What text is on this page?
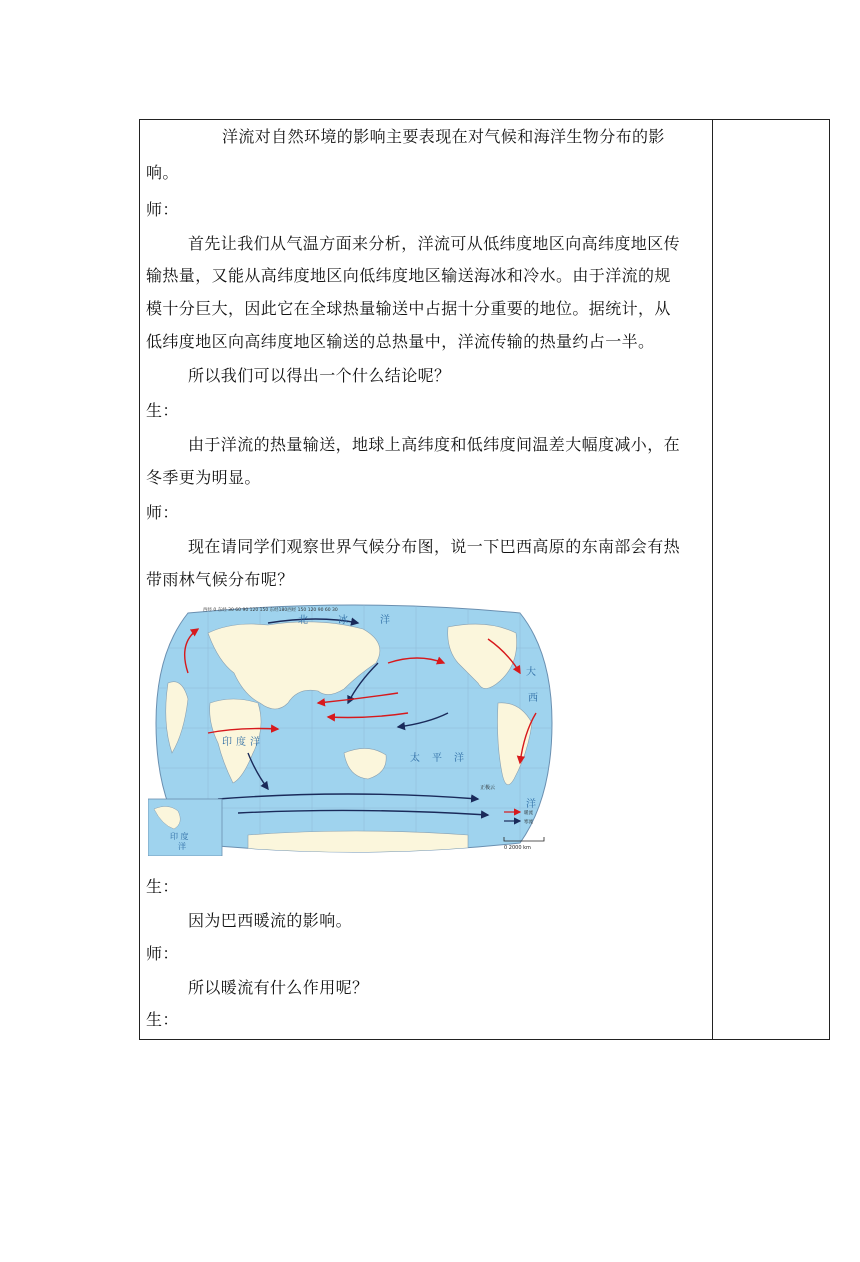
洋流对自然环境的影响主要表现在对气候和海洋生物分布的影
响。
师：
首先让我们从气温方面来分析，洋流可从低纬度地区向高纬度地区传
输热量，又能从高纬度地区向低纬度地区输送海冰和冷水。由于洋流的规
模十分巨大，因此它在全球热量输送中占据十分重要的地位。据统计，从
低纬度地区向高纬度地区输送的总热量中，洋流传输的热量约占一半。
所以我们可以得出一个什么结论呢？
生：
由于洋流的热量输送，地球上高纬度和低纬度间温差大幅度减小，在
冬季更为明显。
师：
现在请同学们观察世界气候分布图，说一下巴西高原的东南部会有热
带雨林气候分布呢？
西经 0 东经 30 60 90 120 150 东经180西经 150 120 90 60 30
北	冰	洋
印 度 洋
太 平 洋
大
西
洋
印 度
洋
正极云
暖流
寒流
0 2000 km
生：
因为巴西暖流的影响。
师：
所以暖流有什么作用呢？
生：
